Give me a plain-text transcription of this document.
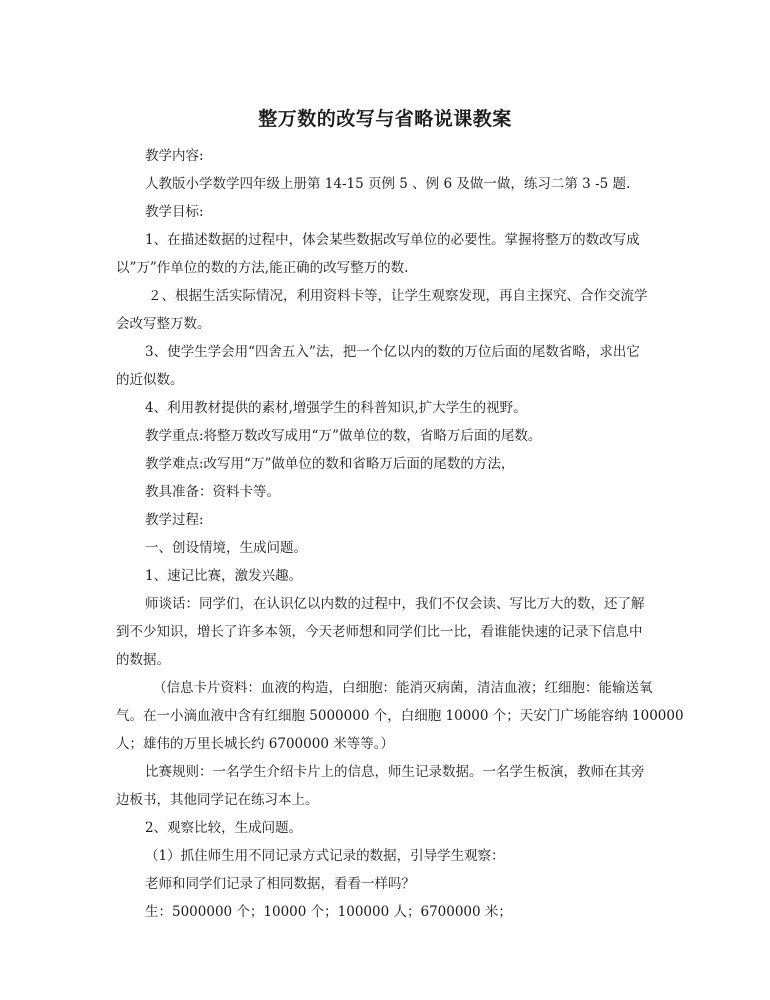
整万数的改写与省略说课教案

教学内容:

人教版小学数学四年级上册第 14-15 页例 5 、例 6 及做一做，练习二第 3 -5 题.

教学目标:

1、在描述数据的过程中，体会某些数据改写单位的必要性。掌握将整万的数改写成

以”万”作单位的数的方法,能正确的改写整万的数.

２、根据生活实际情况，利用资料卡等，让学生观察发现，再自主探究、合作交流学

会改写整万数。

3、使学生学会用“四舍五入”法，把一个亿以内的数的万位后面的尾数省略，求出它

的近似数。

4、利用教材提供的素材,增强学生的科普知识,扩大学生的视野。

教学重点:将整万数改写成用“万”做单位的数，省略万后面的尾数。

教学难点:改写用“万”做单位的数和省略万后面的尾数的方法，

教具准备：资料卡等。

教学过程:

一、创设情境，生成问题。

1、速记比赛，激发兴趣。

师谈话：同学们，在认识亿以内数的过程中，我们不仅会读、写比万大的数，还了解

到不少知识，增长了许多本领，今天老师想和同学们比一比，看谁能快速的记录下信息中

的数据。

（信息卡片资料：血液的构造，白细胞：能消灭病菌，清洁血液；红细胞：能输送氧

气。在一小滴血液中含有红细胞 5000000 个，白细胞 10000 个；天安门广场能容纳 100000

人；雄伟的万里长城长约 6700000 米等等。）

比赛规则：一名学生介绍卡片上的信息，师生记录数据。一名学生板演，教师在其旁

边板书，其他同学记在练习本上。

2、观察比较，生成问题。

（1）抓住师生用不同记录方式记录的数据，引导学生观察：

老师和同学们记录了相同数据，看看一样吗？

生：5000000 个；10000 个；100000 人；6700000 米；
